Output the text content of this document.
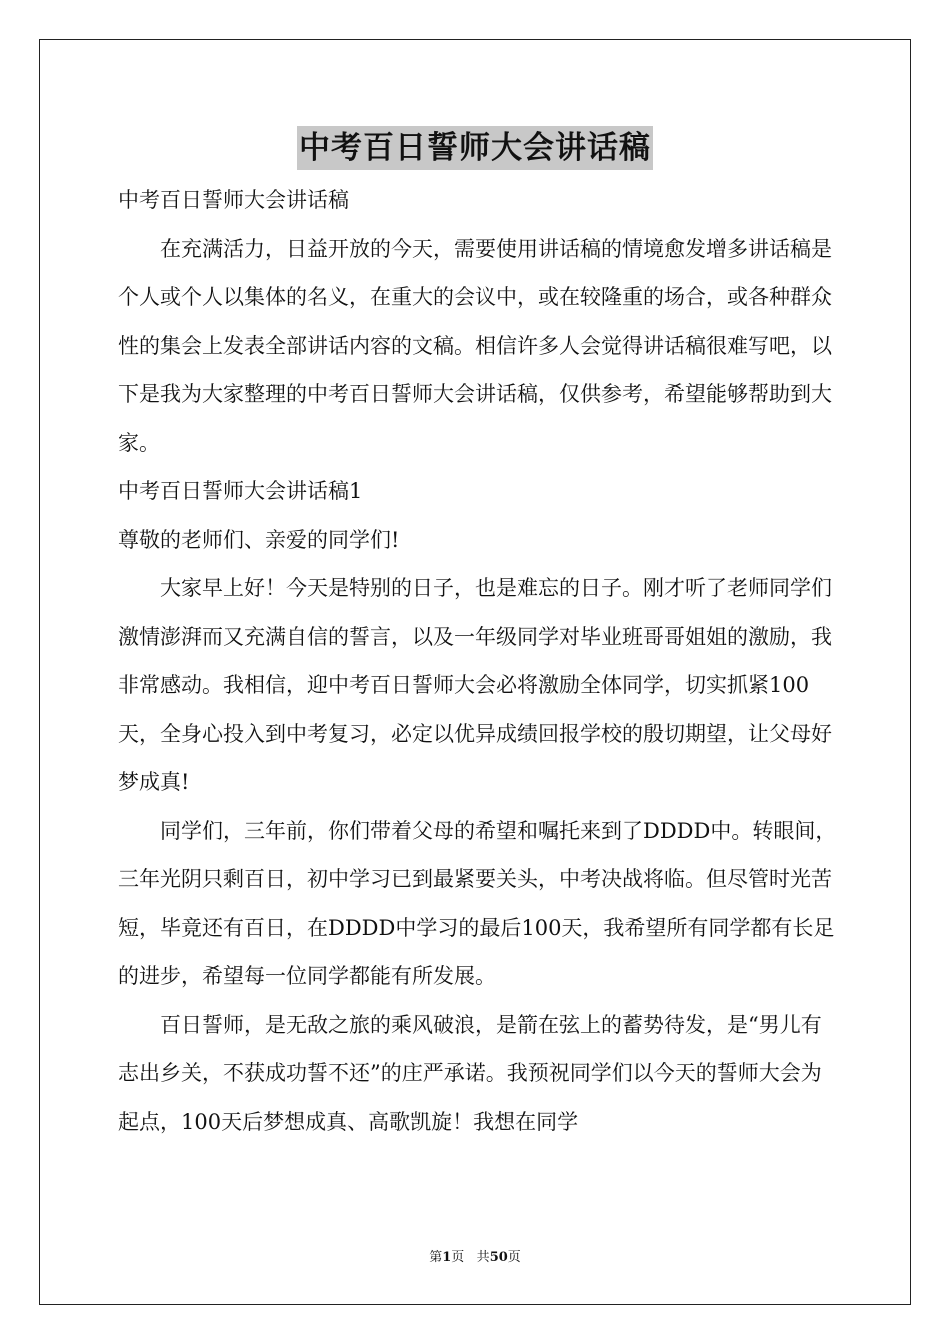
中考百日誓师大会讲话稿

中考百日誓师大会讲话稿

在充满活力，日益开放的今天，需要使用讲话稿的情境愈发增多讲话稿是个人或个人以集体的名义，在重大的会议中，或在较隆重的场合，或各种群众性的集会上发表全部讲话内容的文稿。相信许多人会觉得讲话稿很难写吧，以下是我为大家整理的中考百日誓师大会讲话稿，仅供参考，希望能够帮助到大家。

中考百日誓师大会讲话稿1

尊敬的老师们、亲爱的同学们!

大家早上好！今天是特别的日子，也是难忘的日子。刚才听了老师同学们激情澎湃而又充满自信的誓言，以及一年级同学对毕业班哥哥姐姐的激励，我非常感动。我相信，迎中考百日誓师大会必将激励全体同学，切实抓紧100天，全身心投入到中考复习，必定以优异成绩回报学校的殷切期望，让父母好梦成真!

同学们，三年前，你们带着父母的希望和嘱托来到了DDDD中。转眼间，三年光阴只剩百日，初中学习已到最紧要关头，中考决战将临。但尽管时光苦短，毕竟还有百日，在DDDD中学习的最后100天，我希望所有同学都有长足的进步，希望每一位同学都能有所发展。

百日誓师，是无敌之旅的乘风破浪，是箭在弦上的蓄势待发，是“男儿有志出乡关，不获成功誓不还”的庄严承诺。我预祝同学们以今天的誓师大会为起点，100天后梦想成真、高歌凯旋！我想在同学

第1页 共50页
